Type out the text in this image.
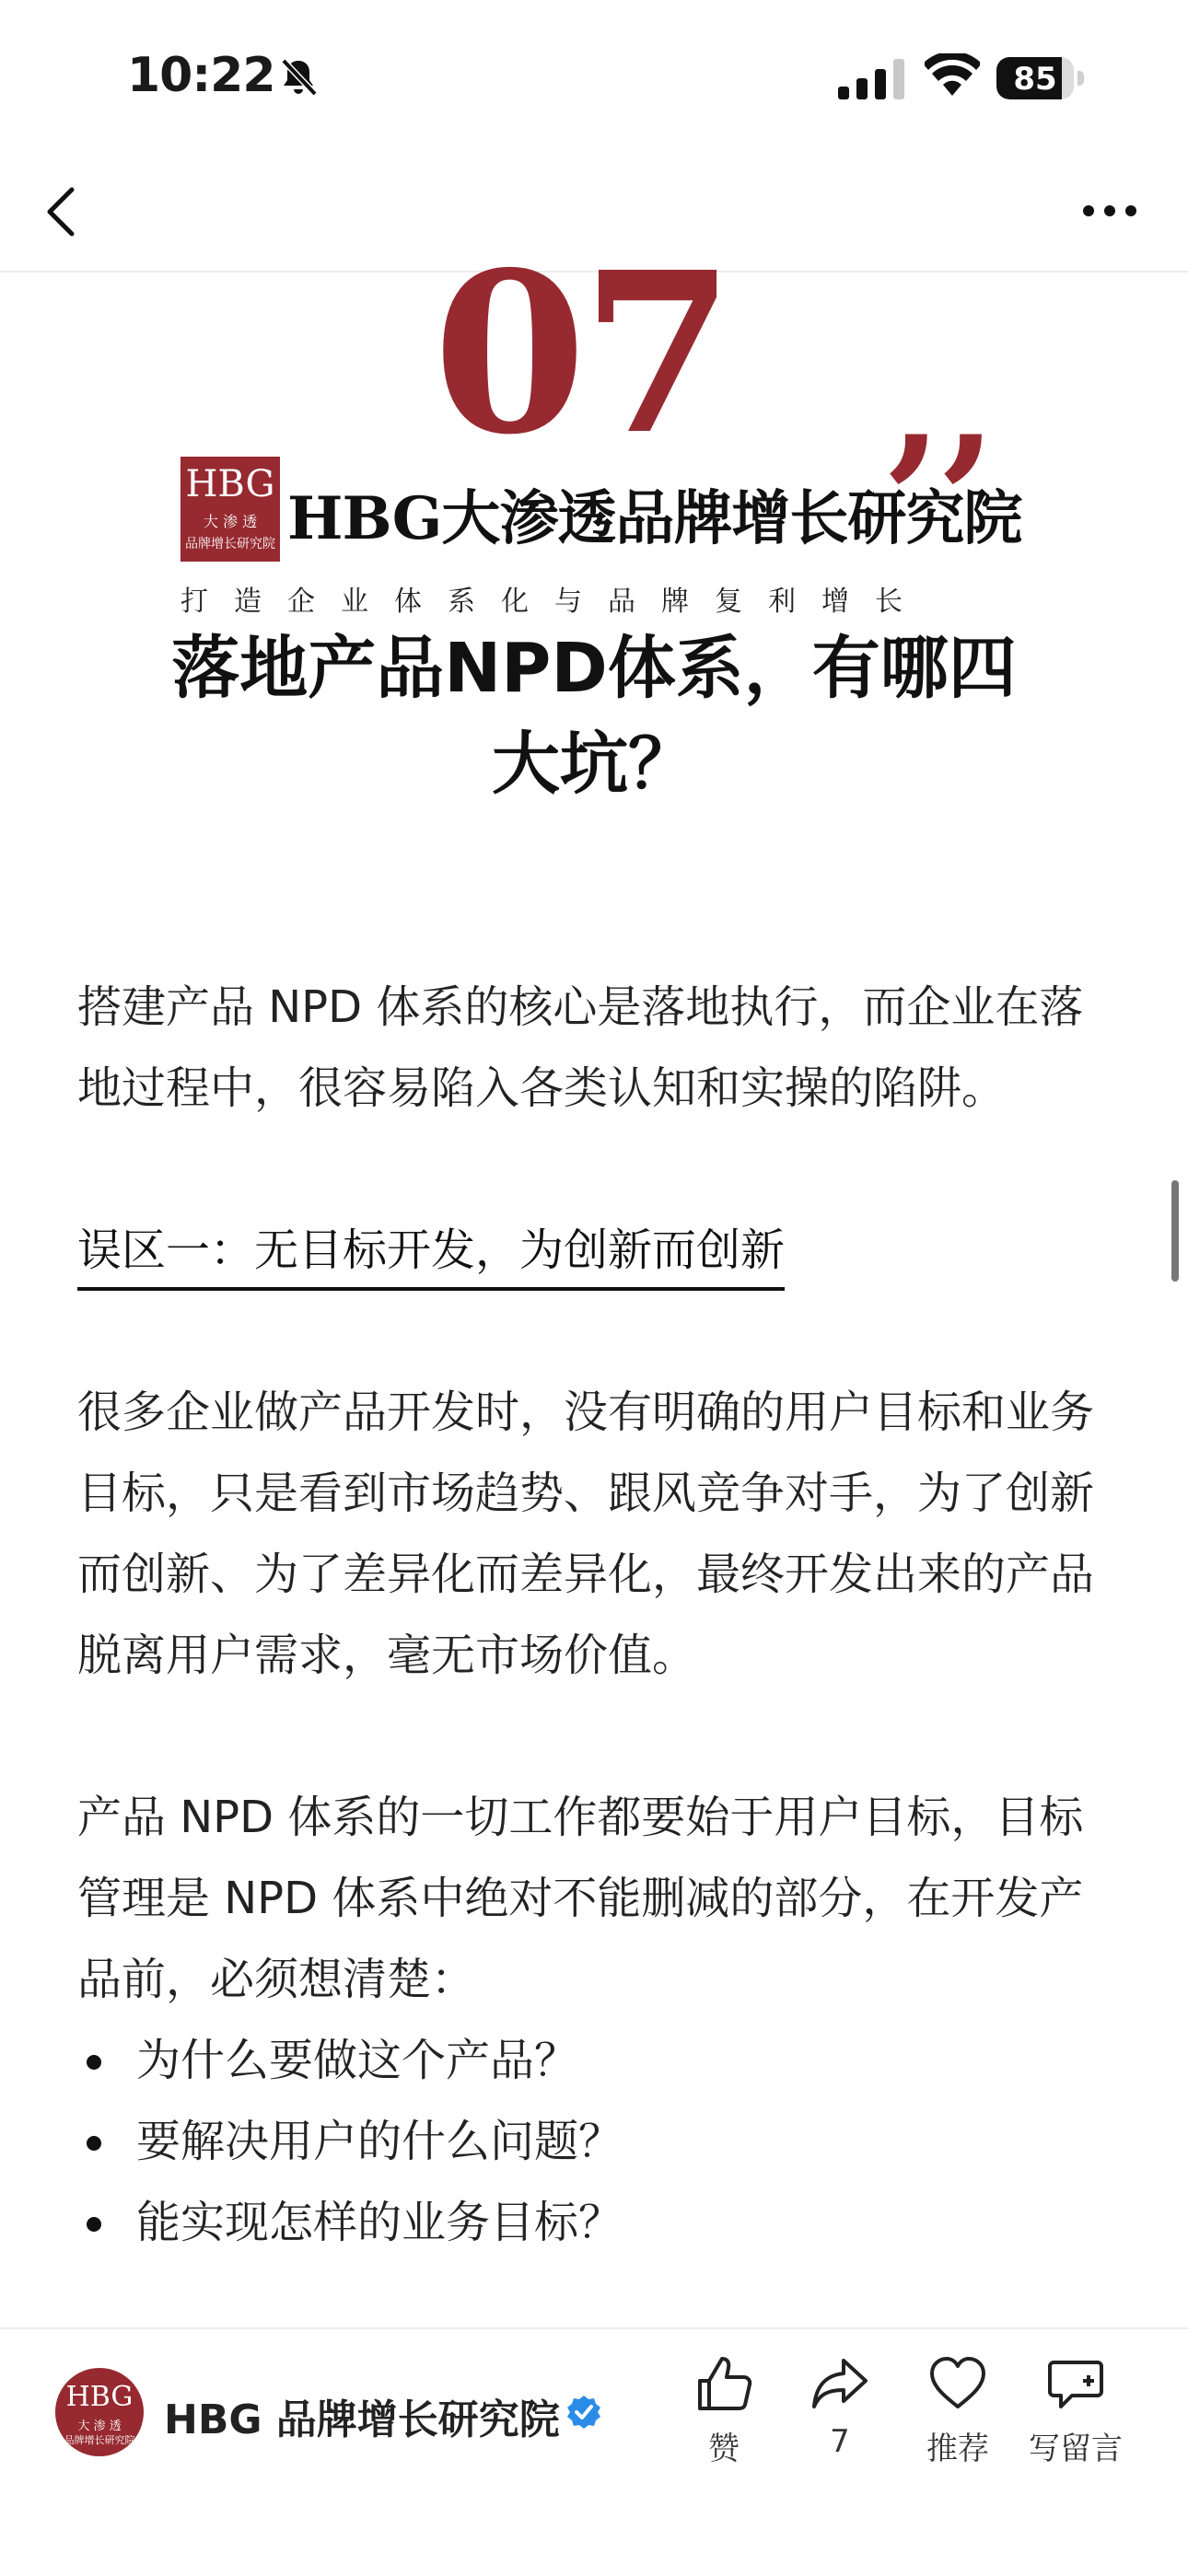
10:22	85
07 ,,
HBG
大 渗 透
品牌增长研究院 HBG大渗透品牌增长研究院
打造企业体系化与品牌复利增长
落地产品NPD体系，有哪四大坑？

搭建产品 NPD 体系的核心是落地执行，而企业在落地过程中，很容易陷入各类认知和实操的陷阱。

误区一：无目标开发，为创新而创新

很多企业做产品开发时，没有明确的用户目标和业务目标，只是看到市场趋势、跟风竞争对手，为了创新而创新、为了差异化而差异化，最终开发出来的产品脱离用户需求，毫无市场价值。

产品 NPD 体系的一切工作都要始于用户目标，目标管理是 NPD 体系中绝对不能删减的部分，在开发产品前，必须想清楚：

为什么要做这个产品？
要解决用户的什么问题？
能实现怎样的业务目标？
HBG
大 渗 透
品牌增长研究院 HBG 品牌增长研究院
赞	7	推荐	写留言
